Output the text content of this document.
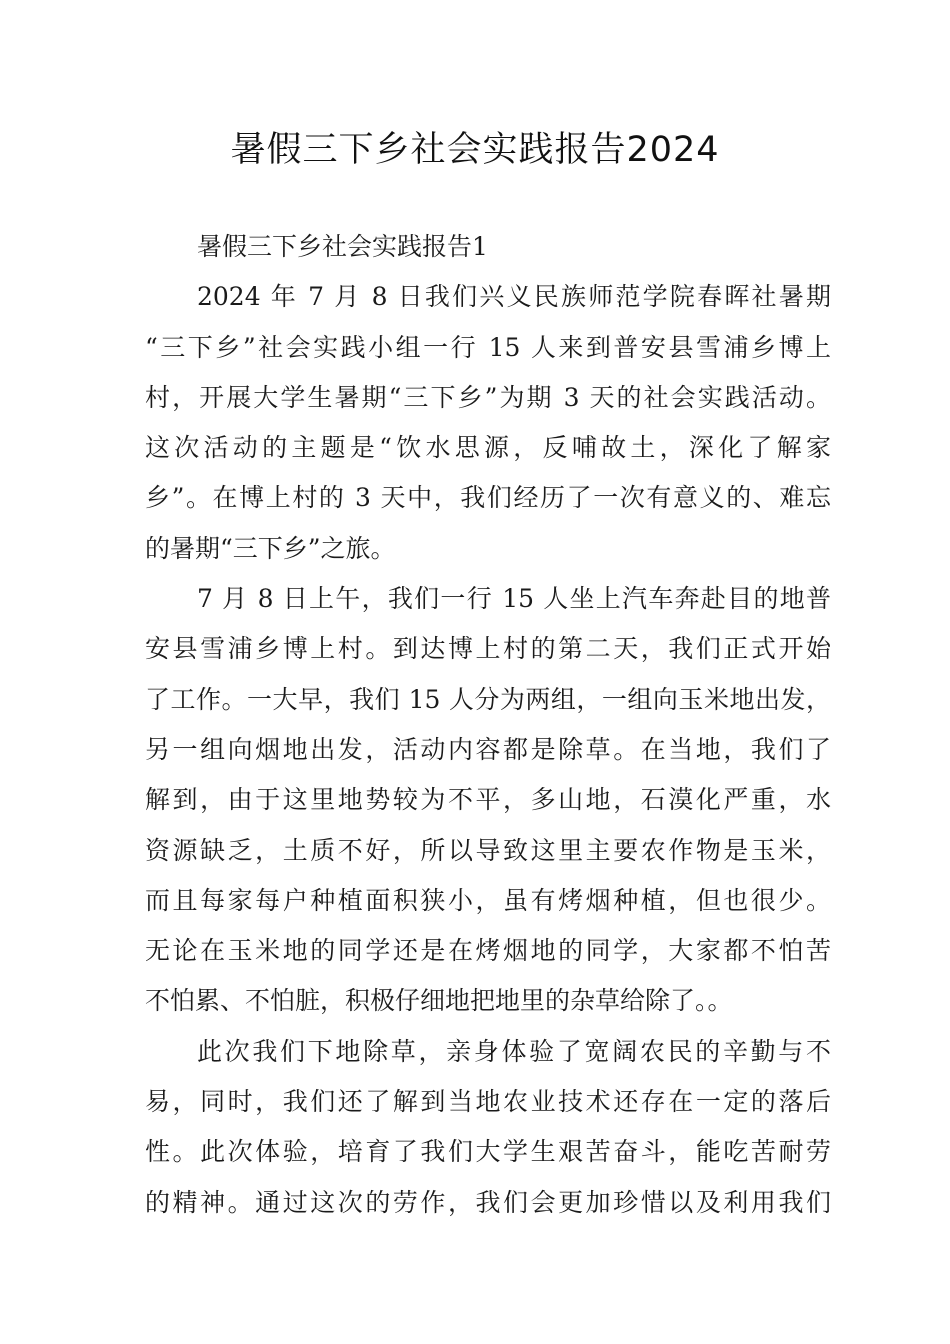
暑假三下乡社会实践报告2024
暑假三下乡社会实践报告1
2024 年 7 月 8 日我们兴义民族师范学院春晖社暑期
“三下乡”社会实践小组一行 15 人来到普安县雪浦乡博上
村，开展大学生暑期“三下乡”为期 3 天的社会实践活动。
这次活动的主题是“饮水思源，反哺故土，深化了解家
乡”。在博上村的 3 天中，我们经历了一次有意义的、难忘
的暑期“三下乡”之旅。
7 月 8 日上午，我们一行 15 人坐上汽车奔赴目的地普
安县雪浦乡博上村。到达博上村的第二天，我们正式开始
了工作。一大早，我们 15 人分为两组，一组向玉米地出发，
另一组向烟地出发，活动内容都是除草。在当地，我们了
解到，由于这里地势较为不平，多山地，石漠化严重，水
资源缺乏，土质不好，所以导致这里主要农作物是玉米，
而且每家每户种植面积狭小，虽有烤烟种植，但也很少。
无论在玉米地的同学还是在烤烟地的同学，大家都不怕苦
不怕累、不怕脏，积极仔细地把地里的杂草给除了。。
此次我们下地除草，亲身体验了宽阔农民的辛勤与不
易，同时，我们还了解到当地农业技术还存在一定的落后
性。此次体验，培育了我们大学生艰苦奋斗，能吃苦耐劳
的精神。通过这次的劳作，我们会更加珍惜以及利用我们
